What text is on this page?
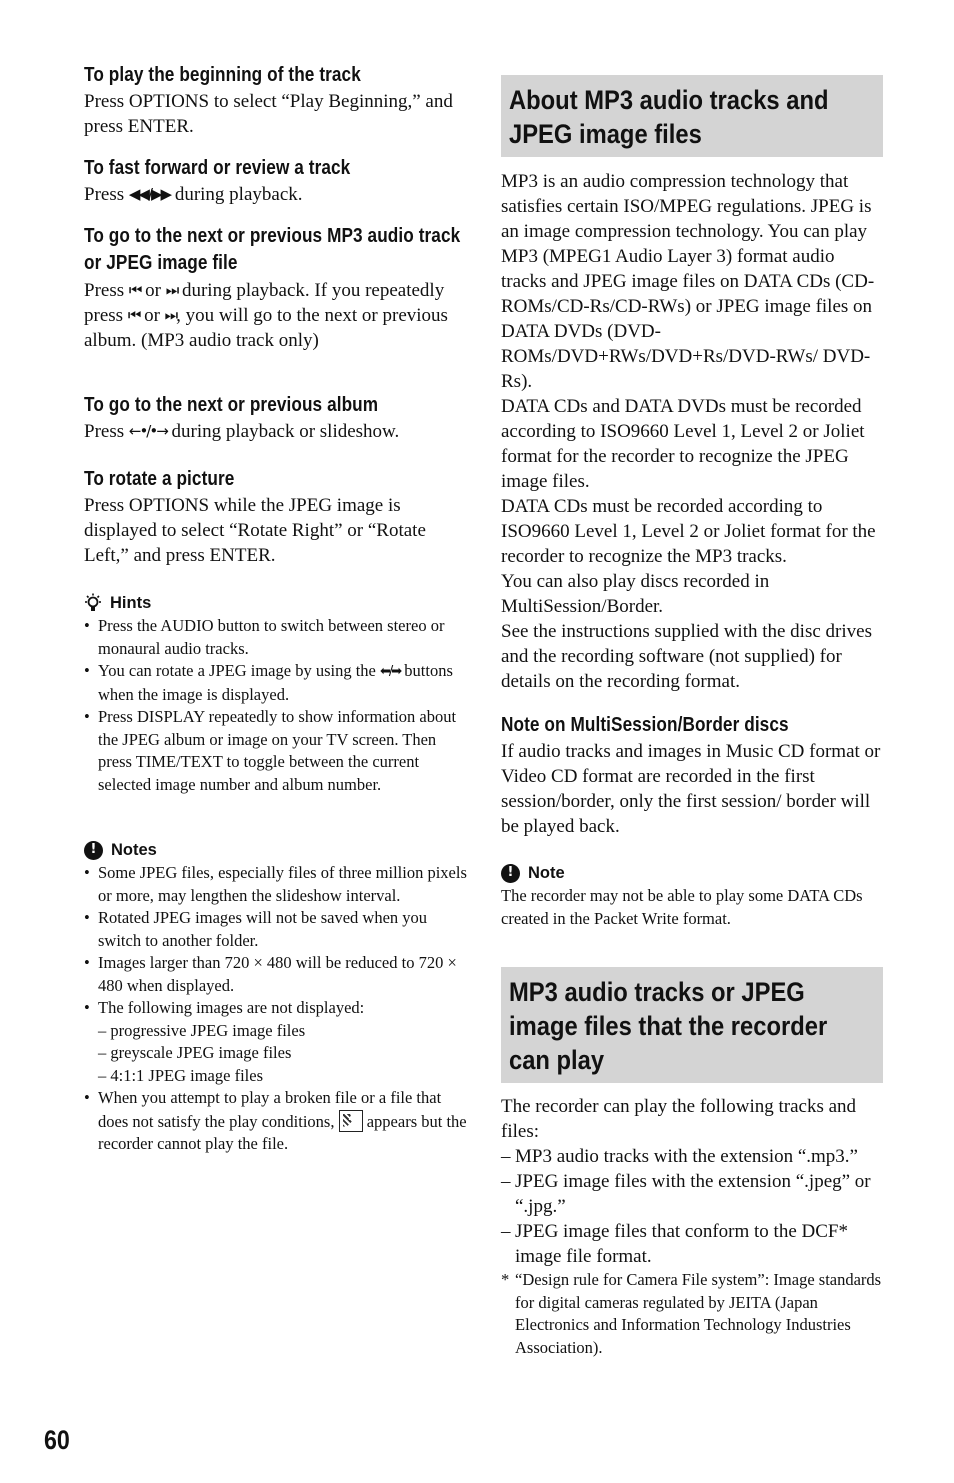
To play the beginning of the track

Press OPTIONS to select “Play Beginning,” and press ENTER.

To fast forward or review a track

Press ◀◀/▶▶ during playback.

To go to the next or previous MP3 audio track or JPEG image file

Press ⏮ or ⏭ during playback. If you repeatedly press ⏮ or ⏭, you will go to the next or previous album. (MP3 audio track only)

To go to the next or previous album

Press ←•/•→ during playback or slideshow.

To rotate a picture

Press OPTIONS while the JPEG image is displayed to select “Rotate Right” or “Rotate Left,” and press ENTER.

Hints
• Press the AUDIO button to switch between stereo or monaural audio tracks.
• You can rotate a JPEG image by using the ⬅/➡ buttons when the image is displayed.
• Press DISPLAY repeatedly to show information about the JPEG album or image on your TV screen. Then press TIME/TEXT to toggle between the current selected image number and album number.
! Notes
• Some JPEG files, especially files of three million pixels or more, may lengthen the slideshow interval.
• Rotated JPEG images will not be saved when you switch to another folder.
• Images larger than 720 × 480 will be reduced to 720 × 480 when displayed.
• The following images are not displayed:
– progressive JPEG image files
– greyscale JPEG image files
– 4:1:1 JPEG image files
• When you attempt to play a broken file or a file that does not satisfy the play conditions,  appears but the recorder cannot play the file.
About MP3 audio tracks and JPEG image files

MP3 is an audio compression technology that satisfies certain ISO/MPEG regulations. JPEG is an image compression technology. You can play MP3 (MPEG1 Audio Layer 3) format audio tracks and JPEG image files on DATA CDs (CD-ROMs/CD-Rs/CD-RWs) or JPEG image files on DATA DVDs (DVD-ROMs/DVD+RWs/DVD+Rs/DVD-RWs/ DVD-Rs).

DATA CDs and DATA DVDs must be recorded according to ISO9660 Level 1, Level 2 or Joliet format for the recorder to recognize the JPEG image files.

DATA CDs must be recorded according to ISO9660 Level 1, Level 2 or Joliet format for the recorder to recognize the MP3 tracks.

You can also play discs recorded in MultiSession/Border.

See the instructions supplied with the disc drives and the recording software (not supplied) for details on the recording format.

Note on MultiSession/Border discs

If audio tracks and images in Music CD format or Video CD format are recorded in the first session/border, only the first session/ border will be played back.

! Note

The recorder may not be able to play some DATA CDs created in the Packet Write format.

MP3 audio tracks or JPEG image files that the recorder can play

The recorder can play the following tracks and files:

– MP3 audio tracks with the extension “.mp3.”
– JPEG image files with the extension “.jpeg” or “.jpg.”
– JPEG image files that conform to the DCF* image file format.

* “Design rule for Camera File system”: Image standards for digital cameras regulated by JEITA (Japan Electronics and Information Technology Industries Association).

60
